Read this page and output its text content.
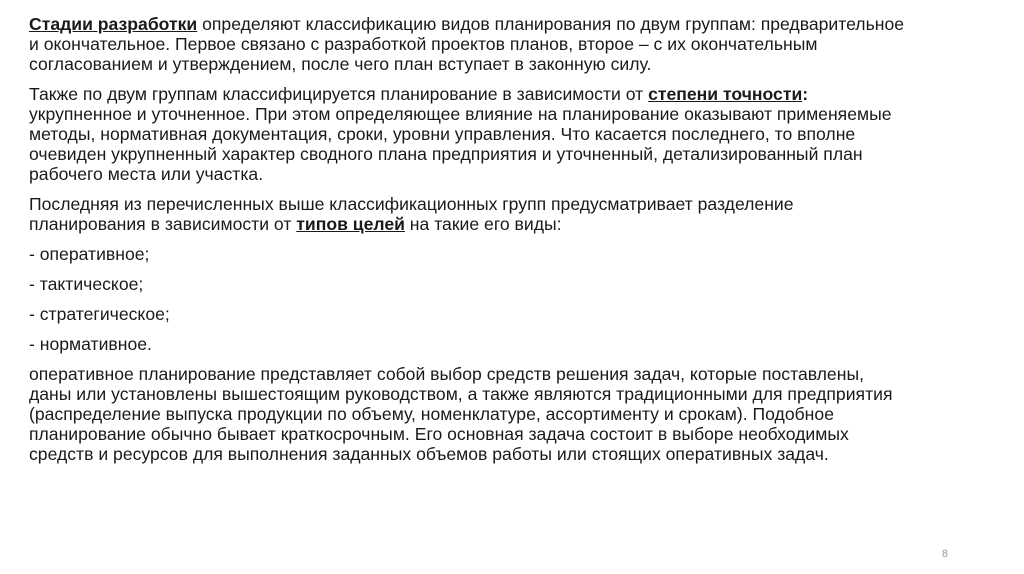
Стадии разработки определяют классификацию видов планирования по двум группам: предварительное и окончательное. Первое связано с разработкой проектов планов, второе – с их окончательным согласованием и утверждением, после чего план вступает в законную силу.

Также по двум группам классифицируется планирование в зависимости от степени точности: укрупненное и уточненное. При этом определяющее влияние на планирование оказывают применяемые методы, нормативная документация, сроки, уровни управления. Что касается последнего, то вполне очевиден укрупненный характер сводного плана предприятия и уточненный, детализированный план рабочего места или участка.

Последняя из перечисленных выше классификационных групп предусматривает разделение планирования в зависимости от типов целей на такие его виды:

- оперативное;

- тактическое;

- стратегическое;

- нормативное.

оперативное планирование представляет собой выбор средств решения задач, которые поставлены, даны или установлены вышестоящим руководством, а также являются традиционными для предприятия (распределение выпуска продукции по объему, номенклатуре, ассортименту и срокам). Подобное планирование обычно бывает краткосрочным. Его основная задача состоит в выборе необходимых средств и ресурсов для выполнения заданных объемов работы или стоящих оперативных задач.

8
